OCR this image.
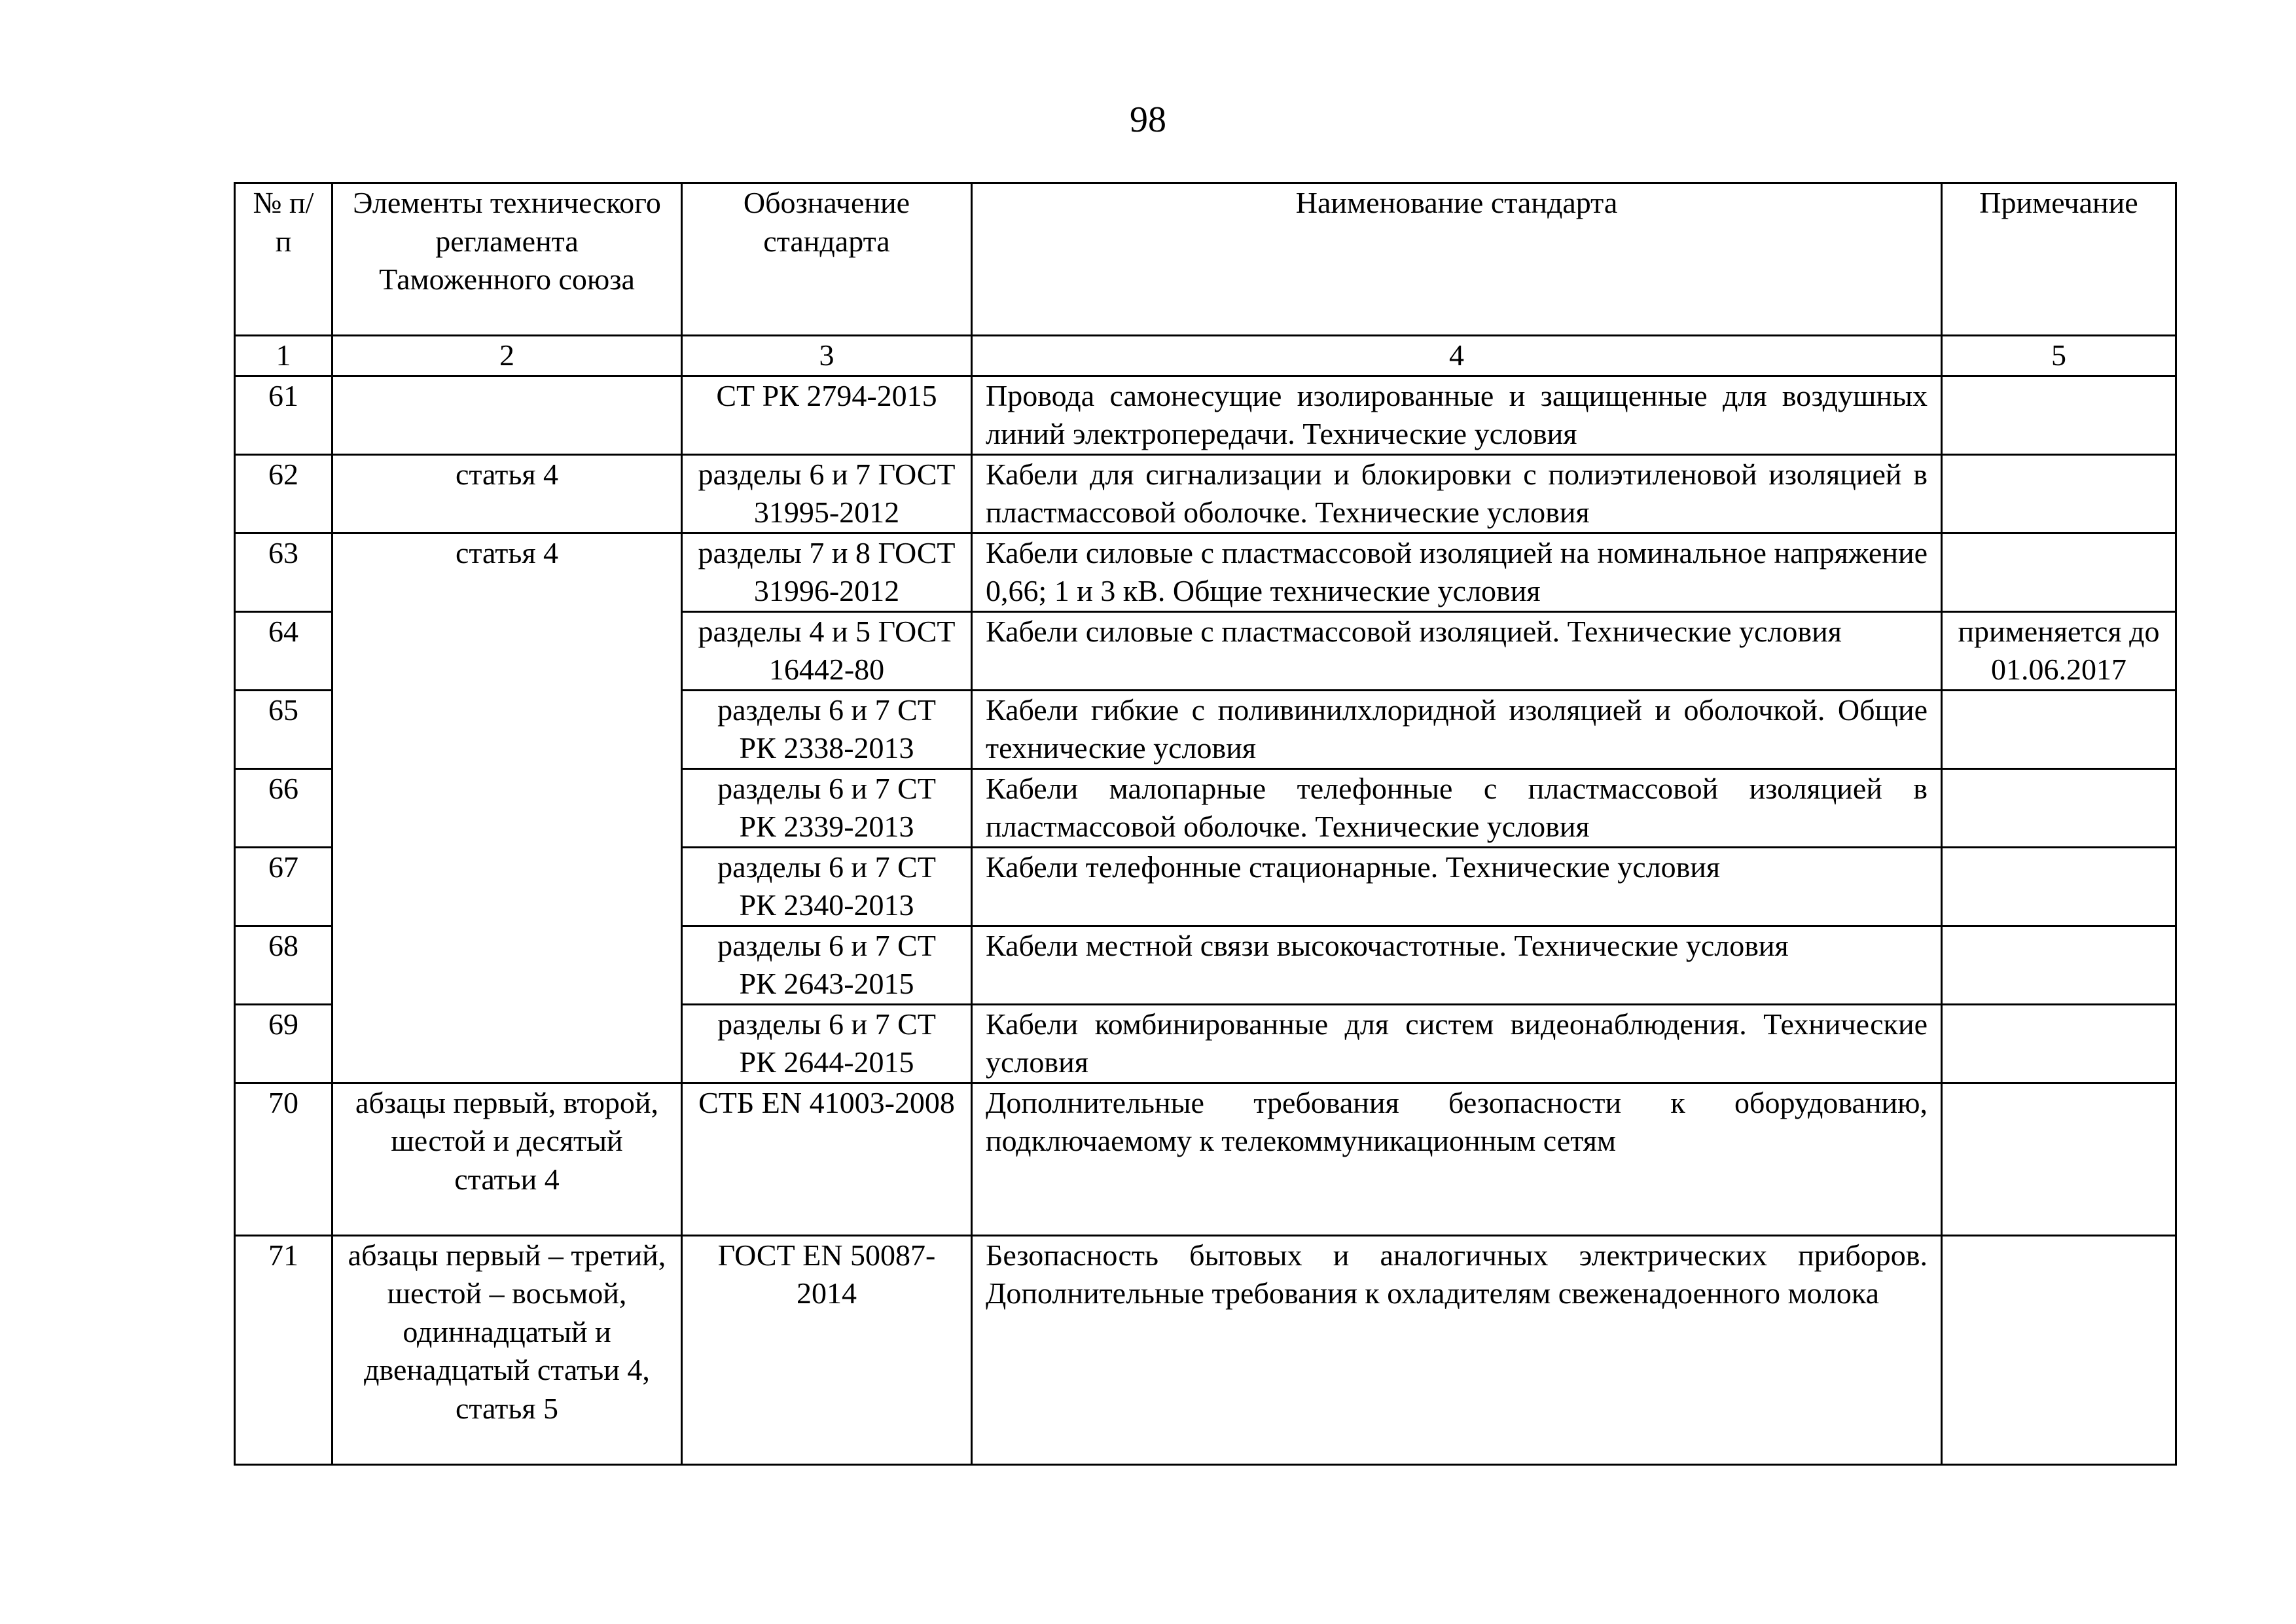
98
№ п/п	Элементы технического регламента Таможенного союза	Обозначение стандарта	Наименование стандарта	Примечание
1	2	3	4	5
61		СТ РК 2794-2015	Провода самонесущие изолированные и защищенные для воздушных линий электропередачи. Технические условия	
62	статья 4	разделы 6 и 7 ГОСТ 31995-2012	Кабели для сигнализации и блокировки с полиэтиленовой изоляцией в пластмассовой оболочке. Технические условия	
63	статья 4	разделы 7 и 8 ГОСТ 31996-2012	Кабели силовые с пластмассовой изоляцией на номинальное напряжение 0,66; 1 и 3 кВ. Общие технические условия	
64		разделы 4 и 5 ГОСТ 16442-80	Кабели силовые с пластмассовой изоляцией. Технические условия	применяется до 01.06.2017
65		разделы 6 и 7 СТ РК 2338-2013	Кабели гибкие с поливинилхлоридной изоляцией и оболочкой. Общие технические условия	
66		разделы 6 и 7 СТ РК 2339-2013	Кабели малопарные телефонные с пластмассовой изоляцией в пластмассовой оболочке. Технические условия	
67		разделы 6 и 7 СТ РК 2340-2013	Кабели телефонные стационарные. Технические условия	
68		разделы 6 и 7 СТ РК 2643-2015	Кабели местной связи высокочастотные. Технические условия	
69		разделы 6 и 7 СТ РК 2644-2015	Кабели комбинированные для систем видеонаблюдения. Технические условия	
70	абзацы первый, второй, шестой и десятый статьи 4	СТБ EN 41003-2008	Дополнительные требования безопасности к оборудованию, подключаемому к телекоммуникационным сетям	
71	абзацы первый – третий, шестой – восьмой, одиннадцатый и двенадцатый статьи 4, статья 5	ГОСТ EN 50087-2014	Безопасность бытовых и аналогичных электрических приборов. Дополнительные требования к охладителям свеженадоенного молока	
